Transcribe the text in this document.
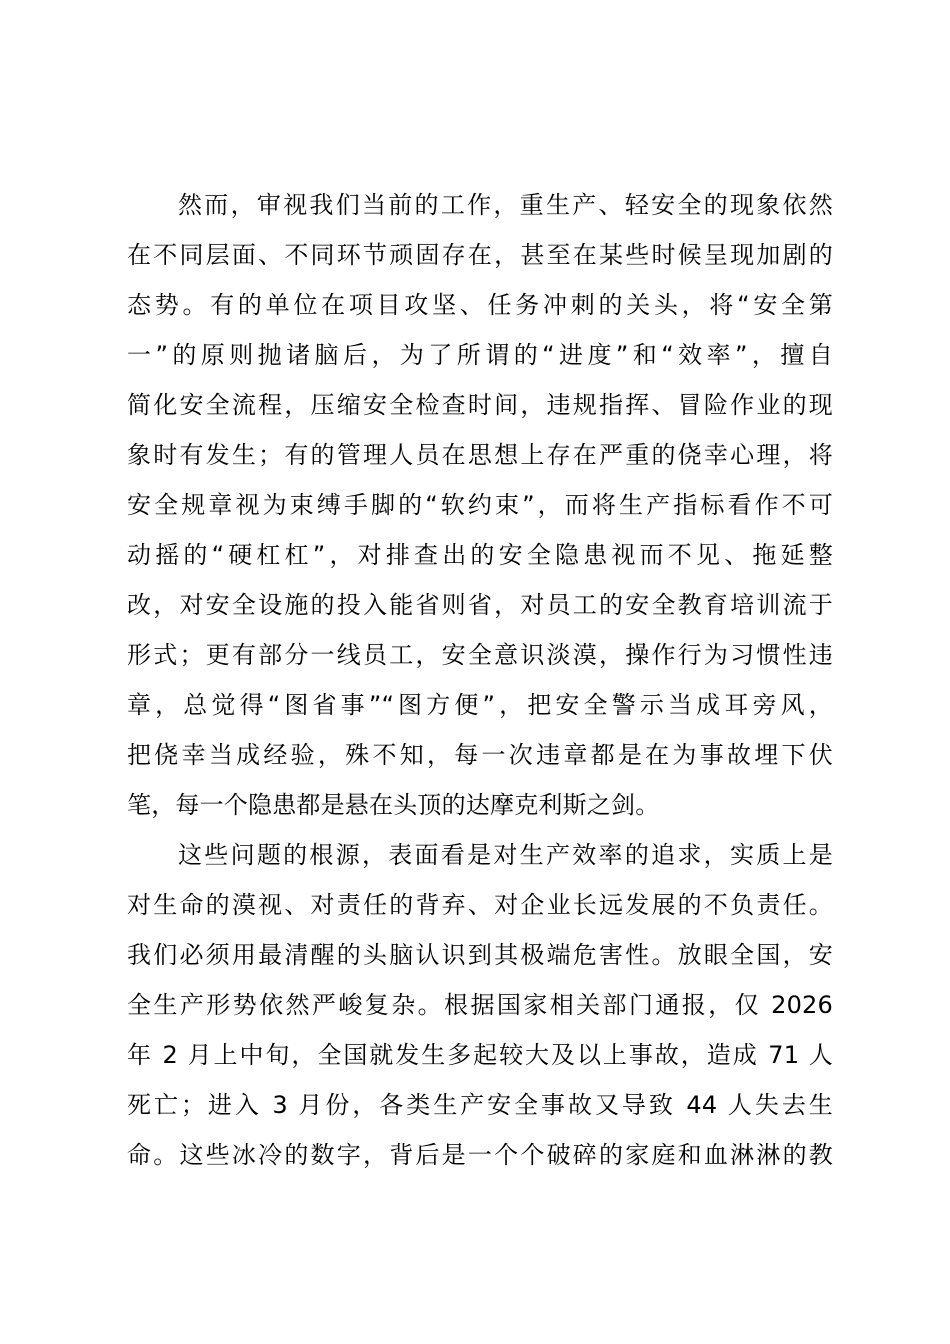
然而，审视我们当前的工作，重生产、轻安全的现象依然
在不同层面、不同环节顽固存在，甚至在某些时候呈现加剧的
态势。有的单位在项目攻坚、任务冲刺的关头，将“安全第
一”的原则抛诸脑后，为了所谓的“进度”和“效率”，擅自
简化安全流程，压缩安全检查时间，违规指挥、冒险作业的现
象时有发生；有的管理人员在思想上存在严重的侥幸心理，将
安全规章视为束缚手脚的“软约束”，而将生产指标看作不可
动摇的“硬杠杠”，对排查出的安全隐患视而不见、拖延整
改，对安全设施的投入能省则省，对员工的安全教育培训流于
形式；更有部分一线员工，安全意识淡漠，操作行为习惯性违
章，总觉得“图省事”“图方便”，把安全警示当成耳旁风，
把侥幸当成经验，殊不知，每一次违章都是在为事故埋下伏
笔，每一个隐患都是悬在头顶的达摩克利斯之剑。
这些问题的根源，表面看是对生产效率的追求，实质上是
对生命的漠视、对责任的背弃、对企业长远发展的不负责任。
我们必须用最清醒的头脑认识到其极端危害性。放眼全国，安
全生产形势依然严峻复杂。根据国家相关部门通报，仅 2026
年 2 月上中旬，全国就发生多起较大及以上事故，造成 71 人
死亡；进入 3 月份，各类生产安全事故又导致 44 人失去生
命。这些冰冷的数字，背后是一个个破碎的家庭和血淋淋的教
